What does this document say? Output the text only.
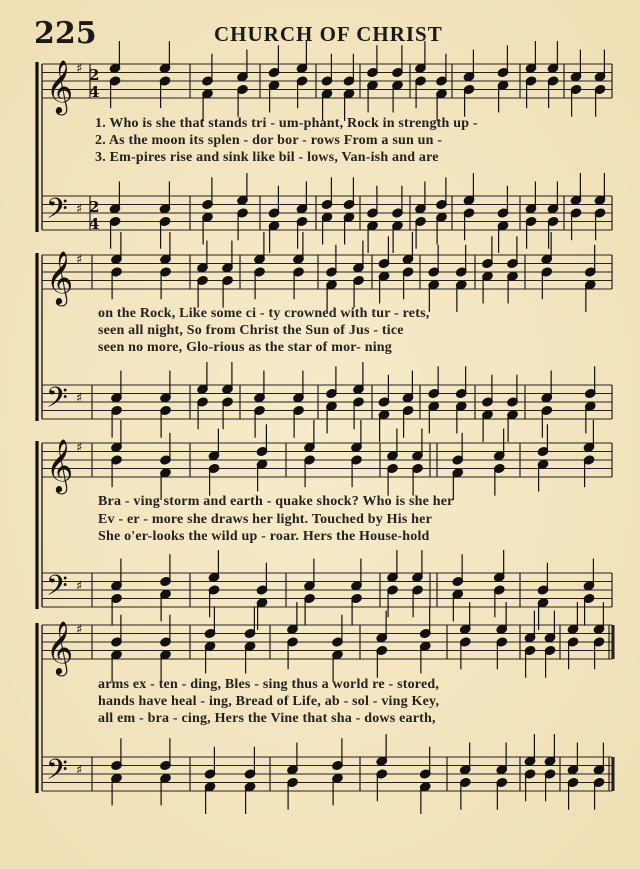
225	CHURCH OF CHRIST
𝄞
𝄢
♯
♯
2
4
2
4
𝄞
𝄢
♯
♯
𝄞
𝄢
♯
♯
𝄞
𝄢
♯
♯
1. Who is she that stands tri - um-phant, Rock in strength up -
2. As the moon its splen - dor bor - rows From a sun un -
3. Em-pires rise and sink like bil - lows, Van-ish and are
on the Rock, Like some ci - ty crowned with tur - rets,
seen all night, So from Christ the Sun of Jus - tice
seen no more, Glo-rious as the star of mor- ning
Bra - ving storm and earth - quake shock? Who is she her
Ev - er - more she draws her light. Touched by His her
She o'er-looks the wild up - roar. Hers the House-hold
arms ex - ten - ding, Bles - sing thus a world re - stored,
hands have heal - ing, Bread of Life, ab - sol - ving Key,
all em - bra - cing, Hers the Vine that sha - dows earth,
